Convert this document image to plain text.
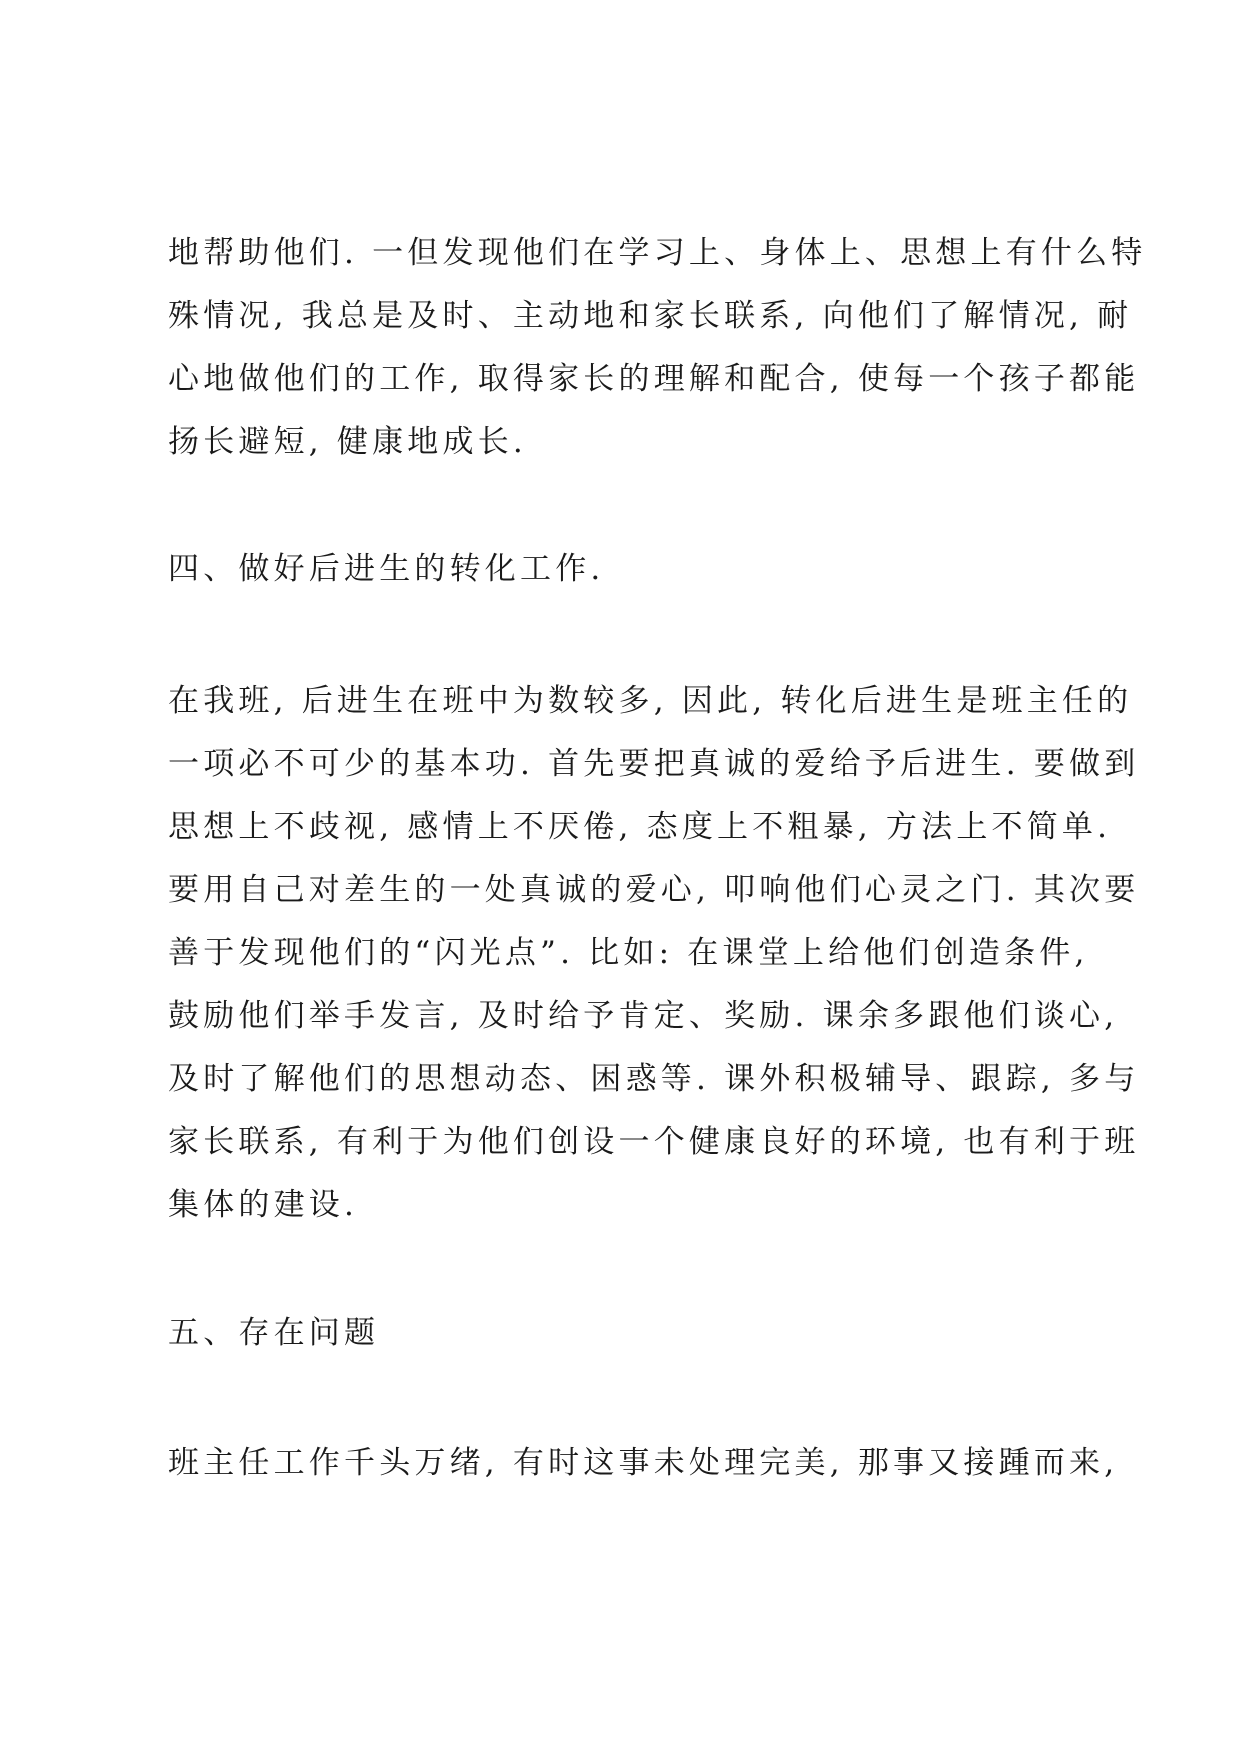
地帮助他们. 一但发现他们在学习上、身体上、思想上有什么特
殊情况, 我总是及时、主动地和家长联系, 向他们了解情况, 耐
心地做他们的工作, 取得家长的理解和配合, 使每一个孩子都能
扬长避短, 健康地成长.
四、做好后进生的转化工作.
在我班, 后进生在班中为数较多, 因此, 转化后进生是班主任的
一项必不可少的基本功. 首先要把真诚的爱给予后进生. 要做到
思想上不歧视, 感情上不厌倦, 态度上不粗暴, 方法上不简单.
要用自己对差生的一处真诚的爱心, 叩响他们心灵之门. 其次要
善于发现他们的“闪光点”. 比如: 在课堂上给他们创造条件,
鼓励他们举手发言, 及时给予肯定、奖励. 课余多跟他们谈心,
及时了解他们的思想动态、困惑等. 课外积极辅导、跟踪, 多与
家长联系, 有利于为他们创设一个健康良好的环境, 也有利于班
集体的建设.
五、存在问题
班主任工作千头万绪, 有时这事未处理完美, 那事又接踵而来,
